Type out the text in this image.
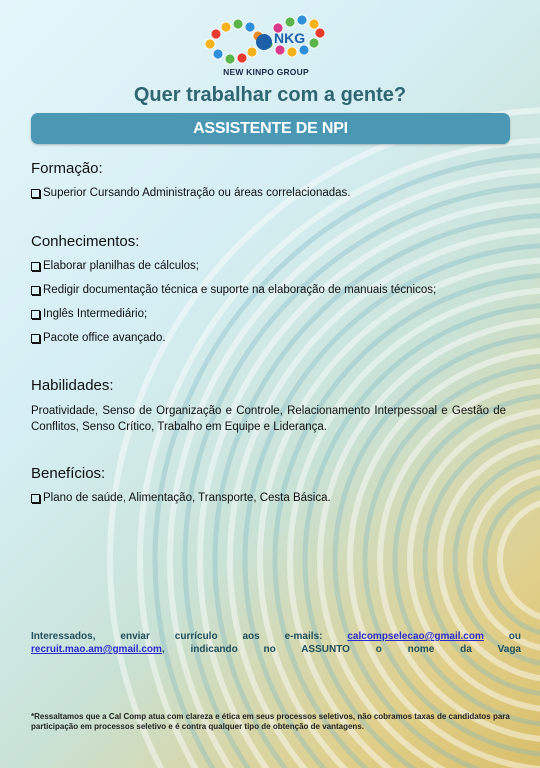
NEW KINPO GROUP
NKG
Quer trabalhar com a gente?
ASSISTENTE DE NPI
Formação:
Superior Cursando Administração ou áreas correlacionadas.
Conhecimentos:
Elaborar planilhas de cálculos;
Redigir documentação técnica e suporte na elaboração de manuais técnicos;
Inglês Intermediário;
Pacote office avançado.
Habilidades:
Proatividade, Senso de Organização e Controle, Relacionamento Interpessoal e Gestão de Conflitos, Senso Crítico, Trabalho em Equipe e Liderança.
Benefícios:
Plano de saúde, Alimentação, Transporte, Cesta Básica.
Interessados, enviar currículo aos e-mails: calcompselecao@gmail.com ou recruit.mao.am@gmail.com, indicando no ASSUNTO o nome da Vaga
*Ressaltamos que a Cal Comp atua com clareza e ética em seus processos seletivos, não cobramos taxas de candidatos para participação em processos seletivo e é contra qualquer tipo de obtenção de vantagens.
